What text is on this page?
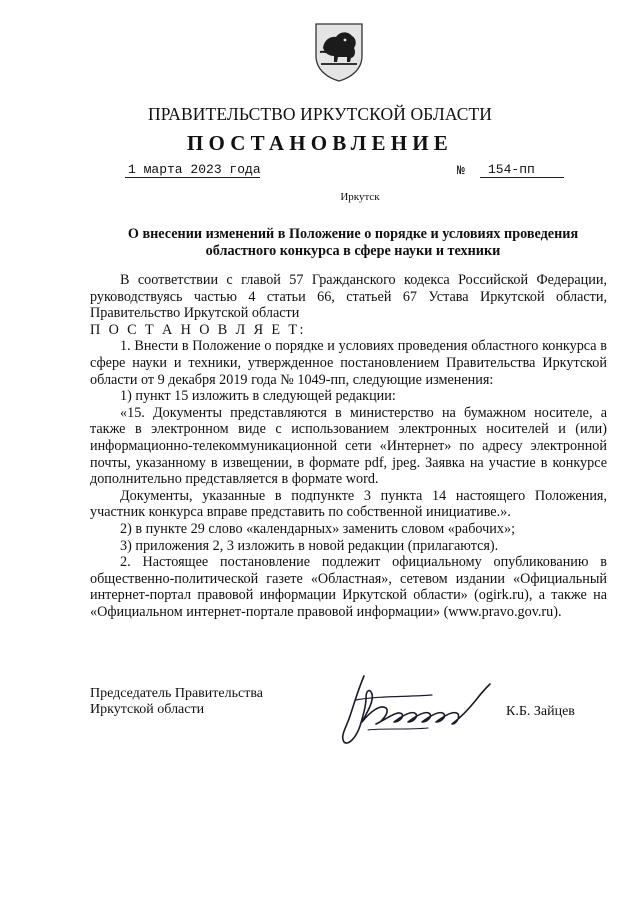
ПРАВИТЕЛЬСТВО ИРКУТСКОЙ ОБЛАСТИ
ПОСТАНОВЛЕНИЕ
1 марта 2023 года	№	154-пп
Иркутск
О внесении изменений в Положение о порядке и условиях проведения областного конкурса в сфере науки и техники

В соответствии с главой 57 Гражданского кодекса Российской Федерации, руководствуясь частью 4 статьи 66, статьей 67 Устава Иркутской области, Правительство Иркутской области

П О С Т А Н О В Л Я Е Т:

1. Внести в Положение о порядке и условиях проведения областного конкурса в сфере науки и техники, утвержденное постановлением Правительства Иркутской области от 9 декабря 2019 года № 1049-пп, следующие изменения:

1) пункт 15 изложить в следующей редакции:

«15. Документы представляются в министерство на бумажном носителе, а также в электронном виде с использованием электронных носителей и (или) информационно-телекоммуникационной сети «Интернет» по адресу электронной почты, указанному в извещении, в формате pdf, jpeg. Заявка на участие в конкурсе дополнительно представляется в формате word.

Документы, указанные в подпункте 3 пункта 14 настоящего Положения, участник конкурса вправе представить по собственной инициативе.».

2) в пункте 29 слово «календарных» заменить словом «рабочих»;

3) приложения 2, 3 изложить в новой редакции (прилагаются).

2. Настоящее постановление подлежит официальному опубликованию в общественно-политической газете «Областная», сетевом издании «Официальный интернет-портал правовой информации Иркутской области» (ogirk.ru), а также на «Официальном интернет-портале правовой информации» (www.pravo.gov.ru).

Председатель Правительства
Иркутской области	К.Б. Зайцев
